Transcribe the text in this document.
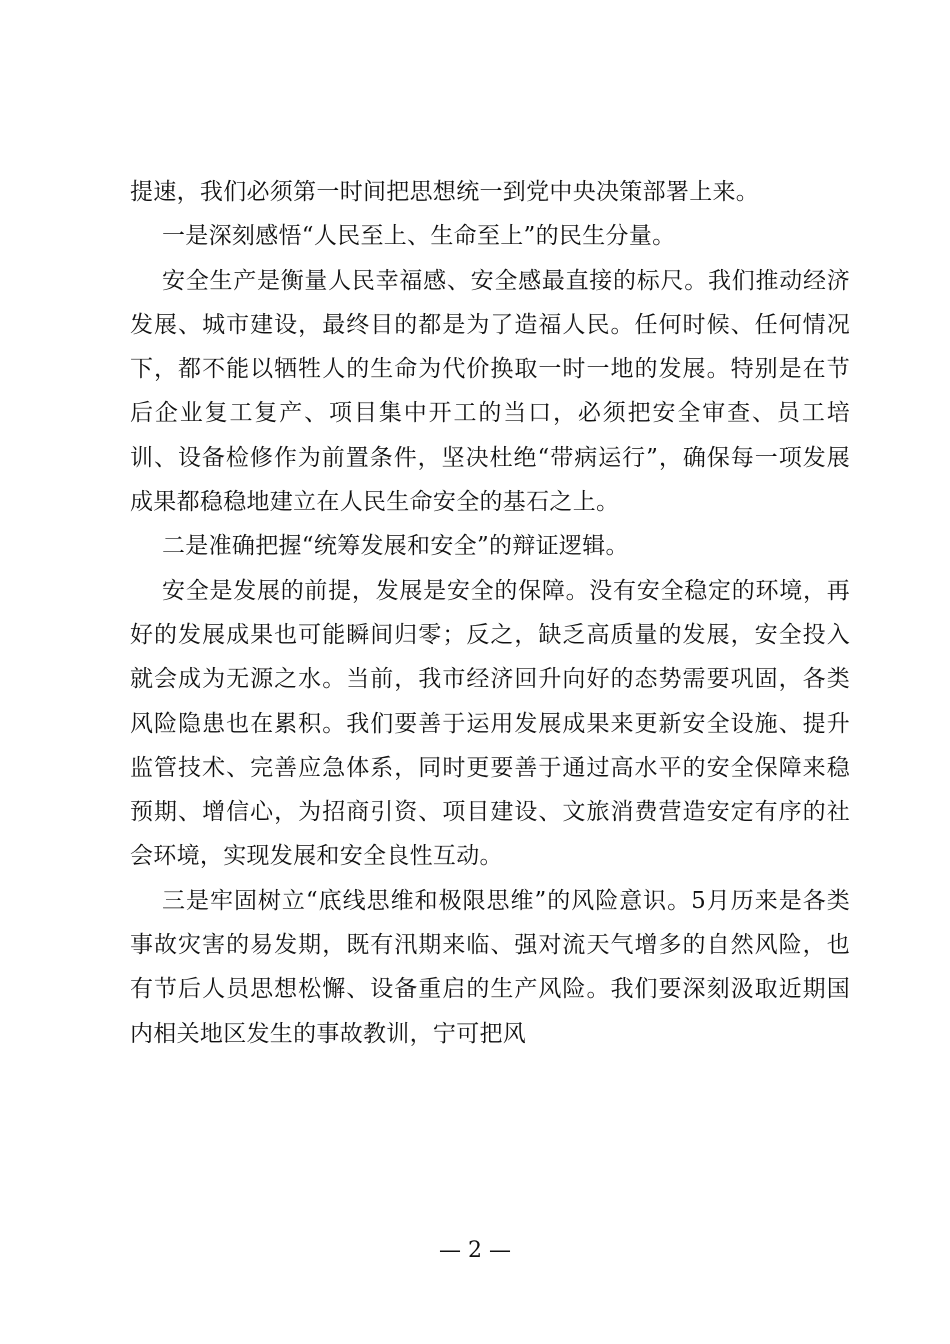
提速，我们必须第一时间把思想统一到党中央决策部署上来。

一是深刻感悟“人民至上、生命至上”的民生分量。

安全生产是衡量人民幸福感、安全感最直接的标尺。我们推动经济发展、城市建设，最终目的都是为了造福人民。任何时候、任何情况下，都不能以牺牲人的生命为代价换取一时一地的发展。特别是在节后企业复工复产、项目集中开工的当口，必须把安全审查、员工培训、设备检修作为前置条件，坚决杜绝“带病运行”，确保每一项发展成果都稳稳地建立在人民生命安全的基石之上。

二是准确把握“统筹发展和安全”的辩证逻辑。

安全是发展的前提，发展是安全的保障。没有安全稳定的环境，再好的发展成果也可能瞬间归零；反之，缺乏高质量的发展，安全投入就会成为无源之水。当前，我市经济回升向好的态势需要巩固，各类风险隐患也在累积。我们要善于运用发展成果来更新安全设施、提升监管技术、完善应急体系，同时更要善于通过高水平的安全保障来稳预期、增信心，为招商引资、项目建设、文旅消费营造安定有序的社会环境，实现发展和安全良性互动。

三是牢固树立“底线思维和极限思维”的风险意识。5月历来是各类事故灾害的易发期，既有汛期来临、强对流天气增多的自然风险，也有节后人员思想松懈、设备重启的生产风险。我们要深刻汲取近期国内相关地区发生的事故教训，宁可把风

— 2 —
